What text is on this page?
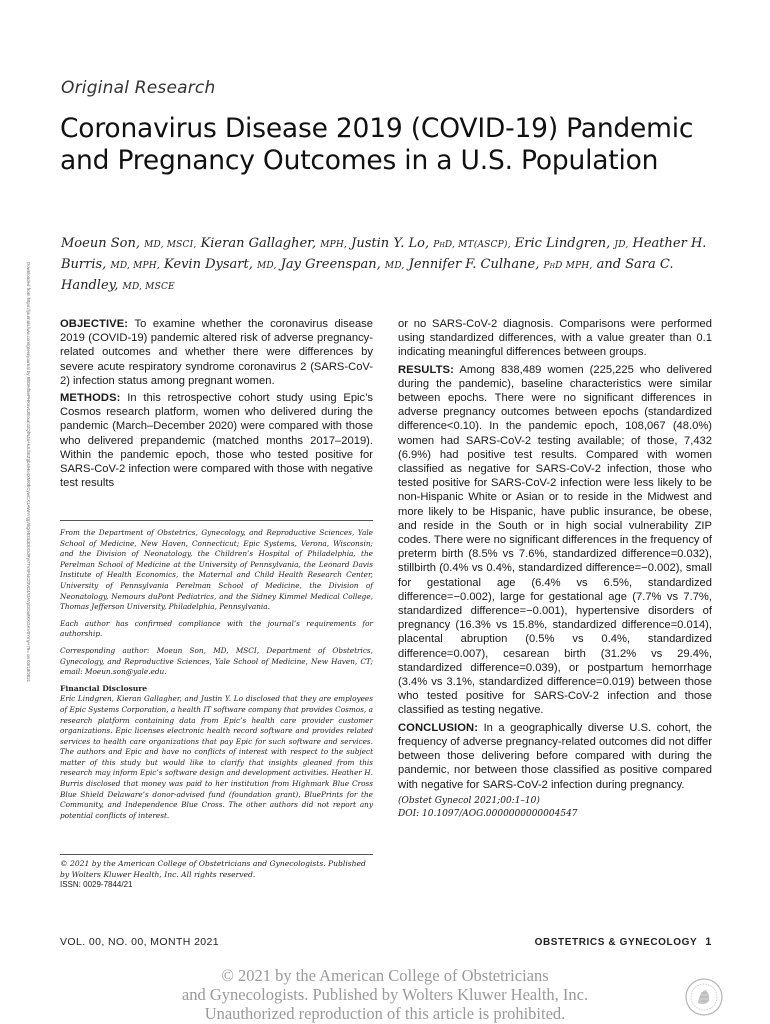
Original Research
Coronavirus Disease 2019 (COVID-19) Pandemic and Pregnancy Outcomes in a U.S. Population
Moeun Son, MD, MSCI, Kieran Gallagher, MPH, Justin Y. Lo, PhD, MT(ASCP), Eric Lindgren, JD, Heather H. Burris, MD, MPH, Kevin Dysart, MD, Jay Greenspan, MD, Jennifer F. Culhane, PhD MPH, and Sara C. Handley, MD, MSCE
Downloaded from https://journals.lww.com/greenjournal by BhDMf5ePHKav1zEoum1tQfN4a+kJLhEZgbsIHo4XMi0hCywCX1AWnYQp/IlQrHD3i3D0OdRyi7TvSFl4Cf3VC4/OAVpDDa8KKGKV0Ymy+78= on 03/18/2021	OBJECTIVE: To examine whether the coronavirus disease 2019 (COVID-19) pandemic altered risk of adverse pregnancy-related outcomes and whether there were differences by severe acute respiratory syndrome coronavirus 2 (SARS-CoV-2) infection status among pregnant women.

METHODS: In this retrospective cohort study using Epic’s Cosmos research platform, women who delivered during the pandemic (March–December 2020) were compared with those who delivered prepandemic (matched months 2017–2019). Within the pandemic epoch, those who tested positive for SARS-CoV-2 infection were compared with those with negative test results

From the Department of Obstetrics, Gynecology, and Reproductive Sciences, Yale School of Medicine, New Haven, Connecticut; Epic Systems, Verona, Wisconsin; and the Division of Neonatology, the Children’s Hospital of Philadelphia, the Perelman School of Medicine at the University of Pennsylvania, the Leonard Davis Institute of Health Economics, the Maternal and Child Health Research Center, University of Pennsylvania Perelman School of Medicine, the Division of Neonatology, Nemours duPont Pediatrics, and the Sidney Kimmel Medical College, Thomas Jefferson University, Philadelphia, Pennsylvania.

Each author has confirmed compliance with the journal’s requirements for authorship.

Corresponding author: Moeun Son, MD, MSCI, Department of Obstetrics, Gynecology, and Reproductive Sciences, Yale School of Medicine, New Haven, CT; email: Moeun.son@yale.edu.

Financial Disclosure

Eric Lindgren, Kieran Gallagher, and Justin Y. Lo disclosed that they are employees of Epic Systems Corporation, a health IT software company that provides Cosmos, a research platform containing data from Epic’s health care provider customer organizations. Epic licenses electronic health record software and provides related services to health care organizations that pay Epic for such software and services. The authors and Epic and have no conflicts of interest with respect to the subject matter of this study but would like to clarify that insights gleaned from this research may inform Epic’s software design and development activities. Heather H. Burris disclosed that money was paid to her institution from Highmark Blue Cross Blue Shield Delaware’s donor-advised fund (foundation grant), BluePrints for the Community, and Independence Blue Cross. The other authors did not report any potential conflicts of interest.

© 2021 by the American College of Obstetricians and Gynecologists. Published by Wolters Kluwer Health, Inc. All rights reserved.
ISSN: 0029-7844/21

or no SARS-CoV-2 diagnosis. Comparisons were performed using standardized differences, with a value greater than 0.1 indicating meaningful differences between groups.

RESULTS: Among 838,489 women (225,225 who delivered during the pandemic), baseline characteristics were similar between epochs. There were no significant differences in adverse pregnancy outcomes between epochs (standardized difference<0.10). In the pandemic epoch, 108,067 (48.0%) women had SARS-CoV-2 testing available; of those, 7,432 (6.9%) had positive test results. Compared with women classified as negative for SARS-CoV-2 infection, those who tested positive for SARS-CoV-2 infection were less likely to be non-Hispanic White or Asian or to reside in the Midwest and more likely to be Hispanic, have public insurance, be obese, and reside in the South or in high social vulnerability ZIP codes. There were no significant differences in the frequency of preterm birth (8.5% vs 7.6%, standardized difference=0.032), stillbirth (0.4% vs 0.4%, standardized difference=−0.002), small for gestational age (6.4% vs 6.5%, standardized difference=−0.002), large for gestational age (7.7% vs 7.7%, standardized difference=−0.001), hypertensive disorders of pregnancy (16.3% vs 15.8%, standardized difference=0.014), placental abruption (0.5% vs 0.4%, standardized difference=0.007), cesarean birth (31.2% vs 29.4%, standardized difference=0.039), or postpartum hemorrhage (3.4% vs 3.1%, standardized difference=0.019) between those who tested positive for SARS-CoV-2 infection and those classified as testing negative.

CONCLUSION: In a geographically diverse U.S. cohort, the frequency of adverse pregnancy-related outcomes did not differ between those delivering before compared with during the pandemic, nor between those classified as positive compared with negative for SARS-CoV-2 infection during pregnancy.

(Obstet Gynecol 2021;00:1–10)
DOI: 10.1097/AOG.0000000000004547
VOL. 00, NO. 00, MONTH 2021	OBSTETRICS & GYNECOLOGY 1
© 2021 by the American College of Obstetricians
and Gynecologists. Published by Wolters Kluwer Health, Inc.
Unauthorized reproduction of this article is prohibited.
